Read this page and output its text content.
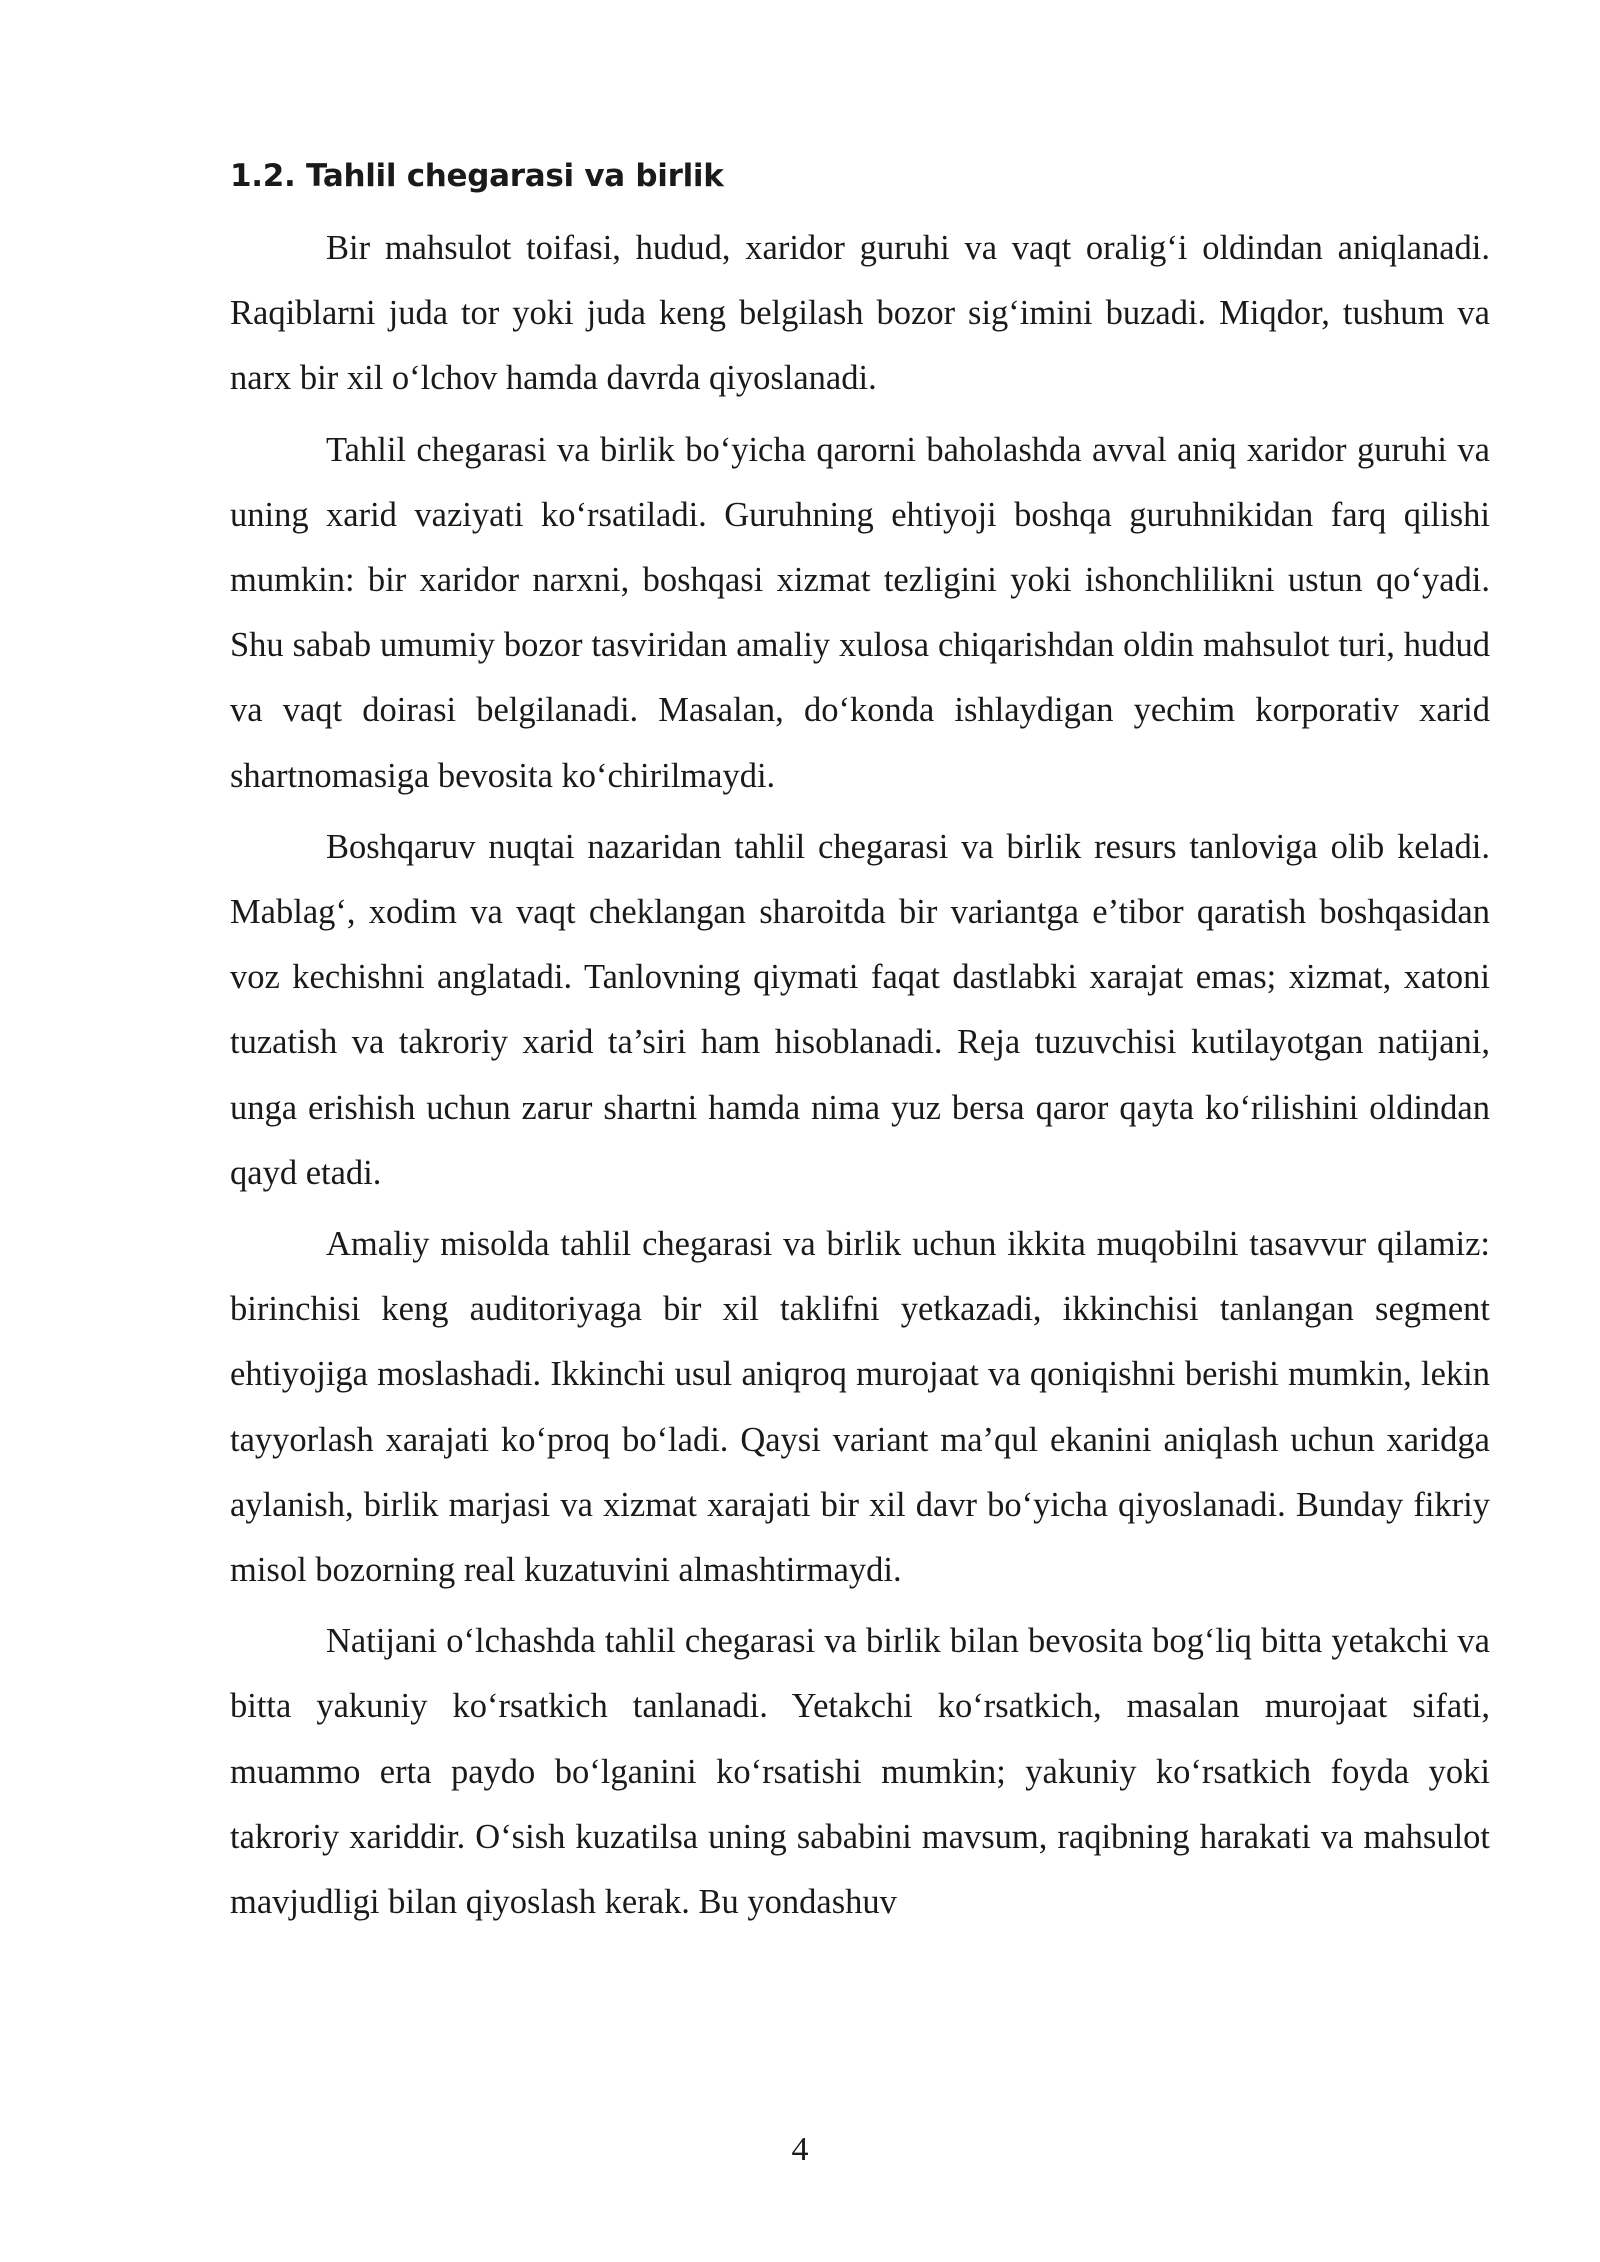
1.2. Tahlil chegarasi va birlik

Bir mahsulot toifasi, hudud, xaridor guruhi va vaqt oralig‘i oldindan aniqlanadi. Raqiblarni juda tor yoki juda keng belgilash bozor sig‘imini buzadi. Miqdor, tushum va narx bir xil o‘lchov hamda davrda qiyoslanadi.

Tahlil chegarasi va birlik bo‘yicha qarorni baholashda avval aniq xaridor guruhi va uning xarid vaziyati ko‘rsatiladi. Guruhning ehtiyoji boshqa guruhnikidan farq qilishi mumkin: bir xaridor narxni, boshqasi xizmat tezligini yoki ishonchlilikni ustun qo‘yadi. Shu sabab umumiy bozor tasviridan amaliy xulosa chiqarishdan oldin mahsulot turi, hudud va vaqt doirasi belgilanadi. Masalan, do‘konda ishlaydigan yechim korporativ xarid shartnomasiga bevosita ko‘chirilmaydi.

Boshqaruv nuqtai nazaridan tahlil chegarasi va birlik resurs tanloviga olib keladi. Mablag‘, xodim va vaqt cheklangan sharoitda bir variantga e’tibor qaratish boshqasidan voz kechishni anglatadi. Tanlovning qiymati faqat dastlabki xarajat emas; xizmat, xatoni tuzatish va takroriy xarid ta’siri ham hisoblanadi. Reja tuzuvchisi kutilayotgan natijani, unga erishish uchun zarur shartni hamda nima yuz bersa qaror qayta ko‘rilishini oldindan qayd etadi.

Amaliy misolda tahlil chegarasi va birlik uchun ikkita muqobilni tasavvur qilamiz: birinchisi keng auditoriyaga bir xil taklifni yetkazadi, ikkinchisi tanlangan segment ehtiyojiga moslashadi. Ikkinchi usul aniqroq murojaat va qoniqishni berishi mumkin, lekin tayyorlash xarajati ko‘proq bo‘ladi. Qaysi variant ma’qul ekanini aniqlash uchun xaridga aylanish, birlik marjasi va xizmat xarajati bir xil davr bo‘yicha qiyoslanadi. Bunday fikriy misol bozorning real kuzatuvini almashtirmaydi.

Natijani o‘lchashda tahlil chegarasi va birlik bilan bevosita bog‘liq bitta yetakchi va bitta yakuniy ko‘rsatkich tanlanadi. Yetakchi ko‘rsatkich, masalan murojaat sifati, muammo erta paydo bo‘lganini ko‘rsatishi mumkin; yakuniy ko‘rsatkich foyda yoki takroriy xariddir. O‘sish kuzatilsa uning sababini mavsum, raqibning harakati va mahsulot mavjudligi bilan qiyoslash kerak. Bu yondashuv

4
